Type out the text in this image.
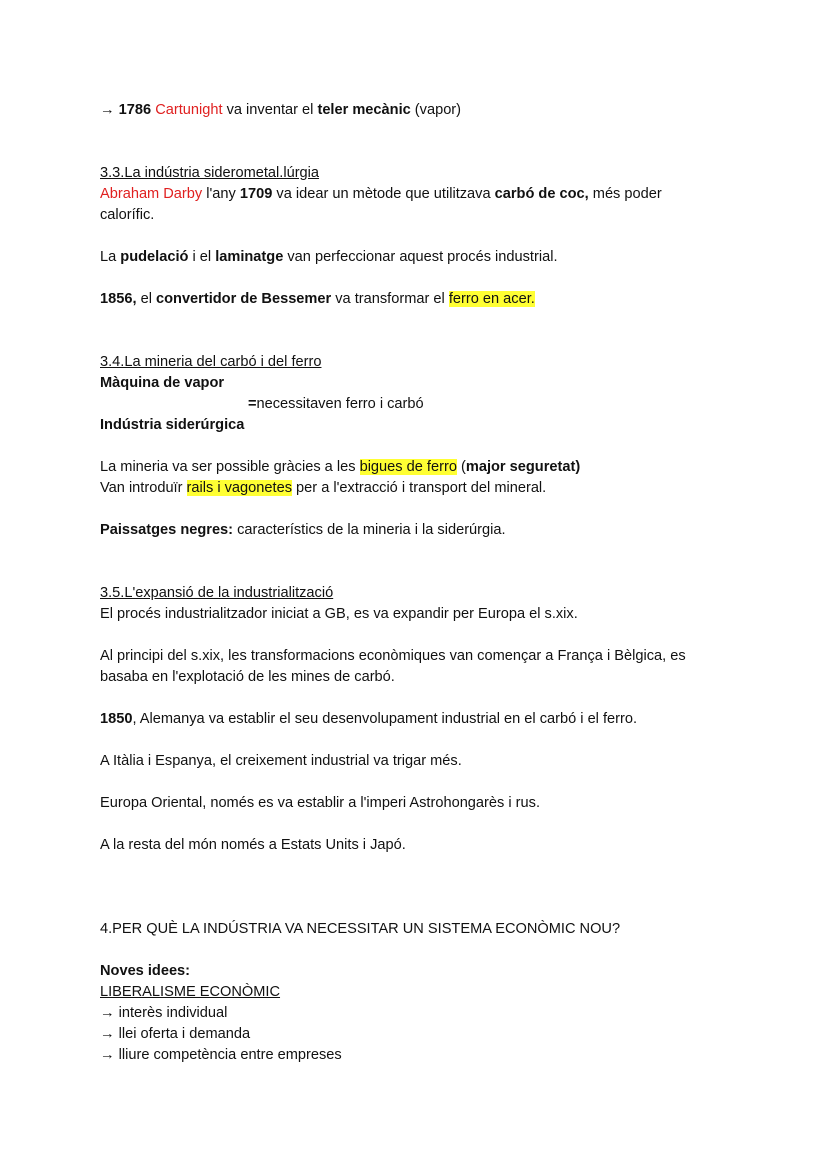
→ 1786 Cartunight va inventar el teler mecànic (vapor)

3.3.La indústria siderometal.lúrgia

Abraham Darby l'any 1709 va idear un mètode que utilitzava carbó de coc, més poder

calorífic.

La pudelació i el laminatge van perfeccionar aquest procés industrial.

1856, el convertidor de Bessemer va transformar el ferro en acer.

3.4.La mineria del carbó i del ferro

Màquina de vapor

=necessitaven ferro i carbó

Indústria siderúrgica

La mineria va ser possible gràcies a les bigues de ferro (major seguretat)

Van introduïr rails i vagonetes per a l'extracció i transport del mineral.

Paissatges negres: característics de la mineria i la siderúrgia.

3.5.L'expansió de la industrialització

El procés industrialitzador iniciat a GB, es va expandir per Europa el s.xix.

Al principi del s.xix, les transformacions econòmiques van començar a França i Bèlgica, es

basaba en l'explotació de les mines de carbó.

1850, Alemanya va establir el seu desenvolupament industrial en el carbó i el ferro.

A Itàlia i Espanya, el creixement industrial va trigar més.

Europa Oriental, només es va establir a l'imperi Astrohongarès i rus.

A la resta del món només a Estats Units i Japó.

4.PER QUÈ LA INDÚSTRIA VA NECESSITAR UN SISTEMA ECONÒMIC NOU?

Noves idees:

LIBERALISME ECONÒMIC

→ interès individual

→ llei oferta i demanda

→ lliure competència entre empreses
